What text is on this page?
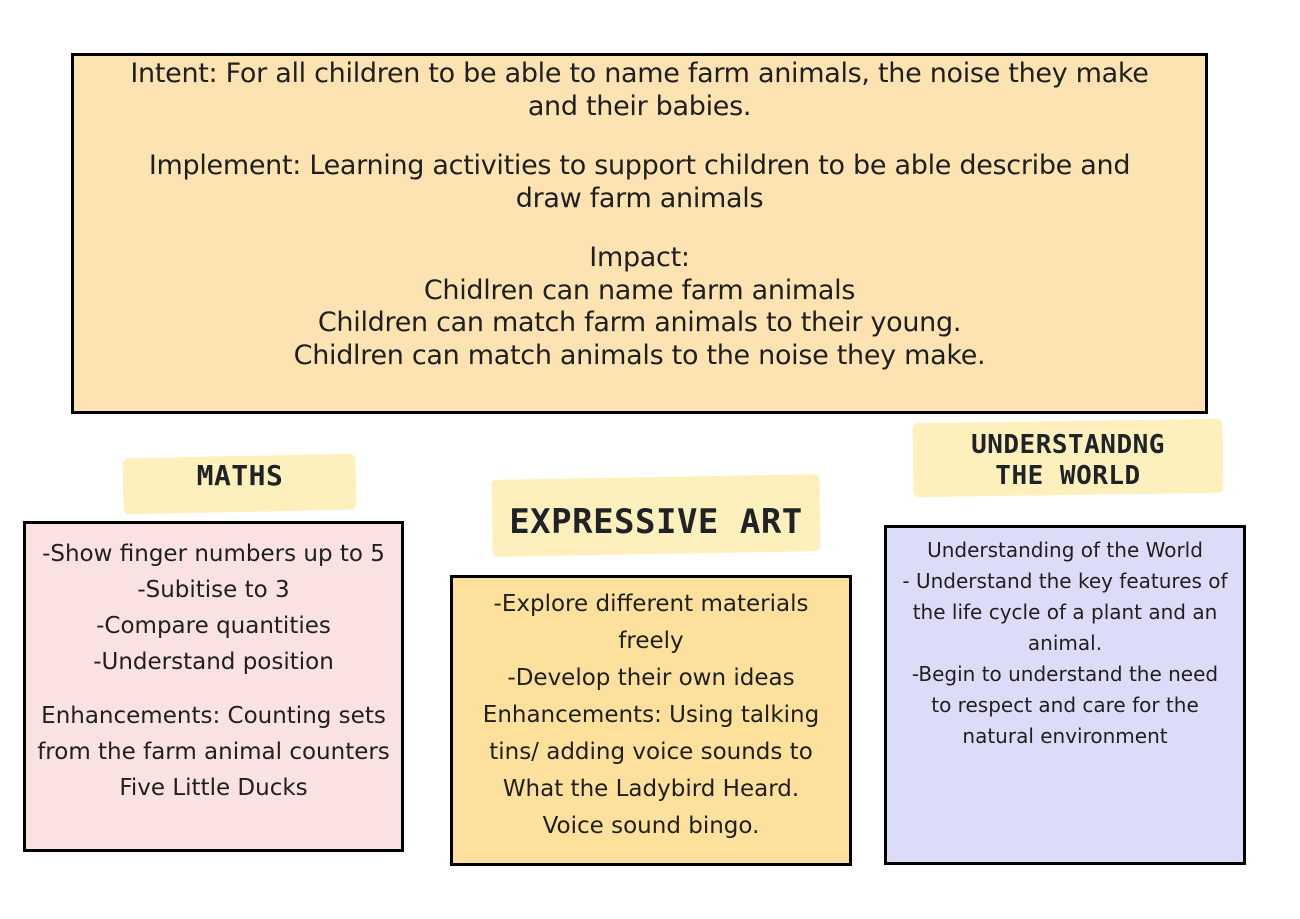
Intent: For all children to be able to name farm animals, the noise they make
and their babies.
Implement: Learning activities to support children to be able describe and
draw farm animals
Impact:
Chidlren can name farm animals
Children can match farm animals to their young.
Chidlren can match animals to the noise they make.
MATHS
EXPRESSIVE ART
UNDERSTANDNG
THE WORLD
-Show finger numbers up to 5
-Subitise to 3
-Compare quantities
-Understand position
Enhancements: Counting sets
from the farm animal counters
Five Little Ducks
-Explore different materials
freely
-Develop their own ideas
Enhancements: Using talking
tins/ adding voice sounds to
What the Ladybird Heard.
Voice sound bingo.
Understanding of the World
- Understand the key features of
the life cycle of a plant and an
animal.
-Begin to understand the need
to respect and care for the
natural environment
